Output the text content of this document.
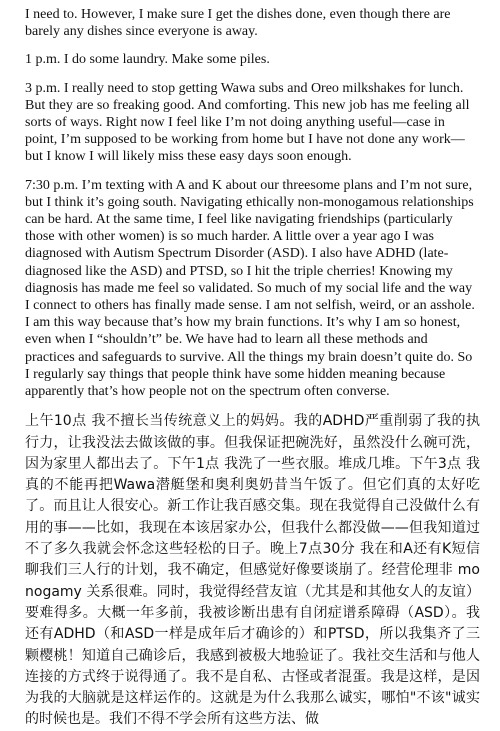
I need to. However, I make sure I get the dishes done, even though there are barely any dishes since everyone is away.

1 p.m. I do some laundry. Make some piles.

3 p.m. I really need to stop getting Wawa subs and Oreo milkshakes for lunch. But they are so freaking good. And comforting. This new job has me feeling all sorts of ways. Right now I feel like I’m not doing anything useful—case in point, I’m supposed to be working from home but I have not done any work—but I know I will likely miss these easy days soon enough.

7:30 p.m. I’m texting with A and K about our threesome plans and I’m not sure, but I think it’s going south. Navigating ethically non-monogamous relationships can be hard. At the same time, I feel like navigating friendships (particularly those with other women) is so much harder. A little over a year ago I was diagnosed with Autism Spectrum Disorder (ASD). I also have ADHD (late-diagnosed like the ASD) and PTSD, so I hit the triple cherries! Knowing my diagnosis has made me feel so validated. So much of my social life and the way I connect to others has finally made sense. I am not selfish, weird, or an asshole. I am this way because that’s how my brain functions. It’s why I am so honest, even when I “shouldn’t” be. We have had to learn all these methods and practices and safeguards to survive. All the things my brain doesn’t quite do. So I regularly say things that people think have some hidden meaning because apparently that’s how people not on the spectrum often converse.

上午10点 我不擅长当传统意义上的妈妈。我的ADHD严重削弱了我的执行力，让我没法去做该做的事。但我保证把碗洗好，虽然没什么碗可洗，因为家里人都出去了。下午1点 我洗了一些衣服。堆成几堆。下午3点 我真的不能再把Wawa潜艇堡和奥利奥奶昔当午饭了。但它们真的太好吃了。而且让人很安心。新工作让我百感交集。现在我觉得自己没做什么有用的事——比如，我现在本该居家办公，但我什么都没做——但我知道过不了多久我就会怀念这些轻松的日子。晚上7点30分 我在和A还有K短信聊我们三人行的计划，我不确定，但感觉好像要谈崩了。经营伦理非 monogamy 关系很难。同时，我觉得经营友谊（尤其是和其他女人的友谊）要难得多。大概一年多前，我被诊断出患有自闭症谱系障碍（ASD）。我还有ADHD（和ASD一样是成年后才确诊的）和PTSD，所以我集齐了三颗樱桃！知道自己确诊后，我感到被极大地验证了。我社交生活和与他人连接的方式终于说得通了。我不是自私、古怪或者混蛋。我是这样，是因为我的大脑就是这样运作的。这就是为什么我那么诚实，哪怕"不该"诚实的时候也是。我们不得不学会所有这些方法、做
